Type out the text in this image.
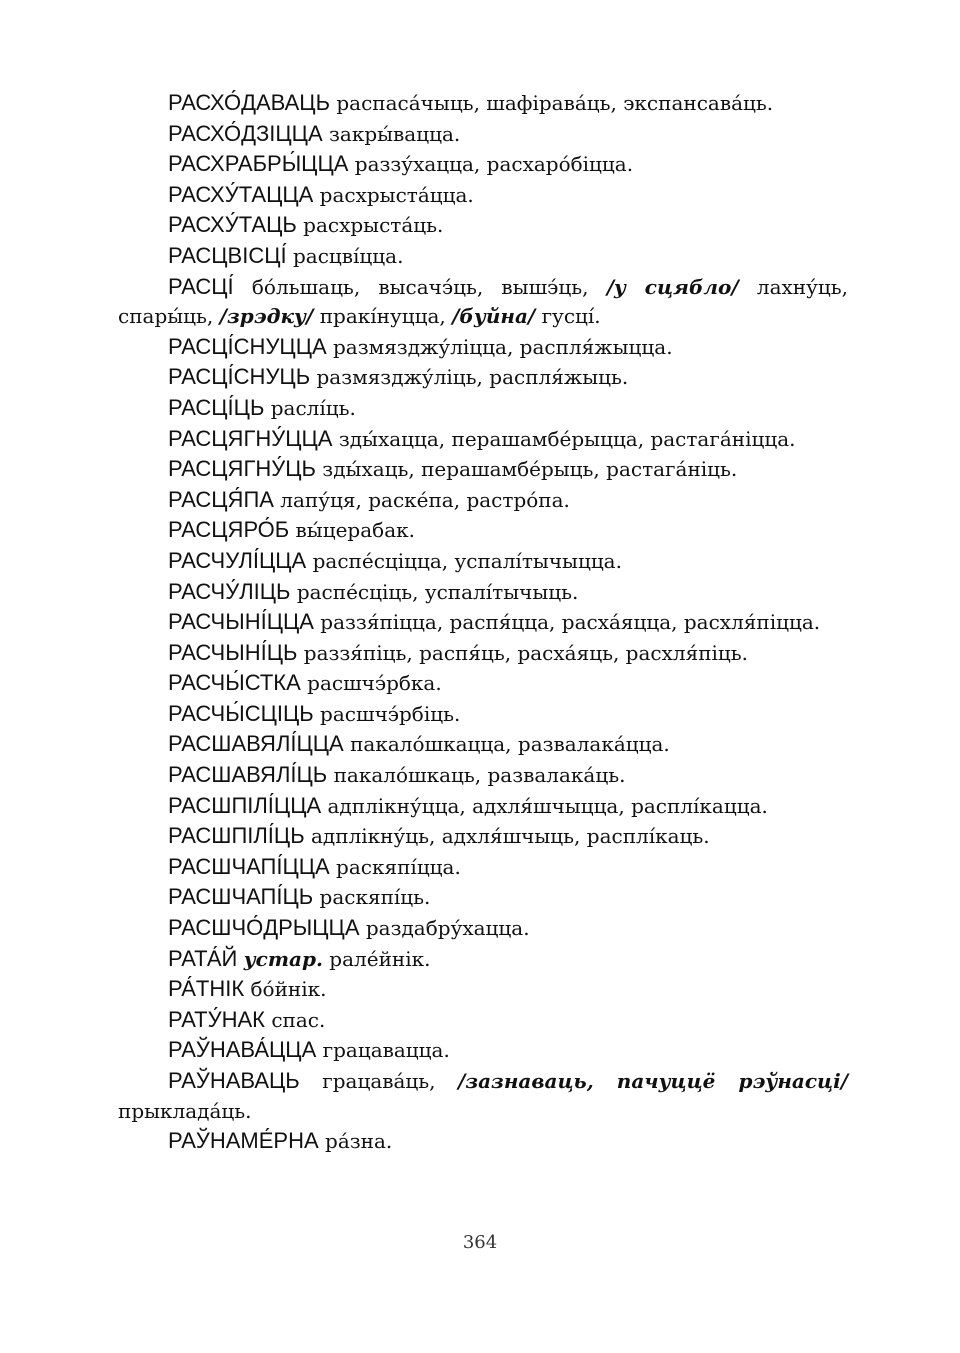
РАСХО́ДАВАЦЬ распаса́чыць, шафірава́ць, экспансава́ць.

РАСХО́ДЗІЦЦА закры́вацца.

РАСХРАБРЫ́ЦЦА раззу́хацца, расхаро́біцца.

РАСХУ́ТАЦЦА расхрыста́цца.

РАСХУ́ТАЦЬ расхрыста́ць.

РАСЦВІСЦІ́ расцві́цца.

РАСЦІ́ бо́льшаць, высачэ́ць, вышэ́ць, /у сцябло/ лахну́ць, спары́ць, /зрэдку/ пракі́нуцца, /буйна/ гусці́.

РАСЦІ́СНУЦЦА размязджу́ліцца, распля́жыцца.

РАСЦІ́СНУЦЬ размязджу́ліць, распля́жыць.

РАСЦІ́ЦЬ раслі́ць.

РАСЦЯГНУ́ЦЦА зды́хацца, перашамбе́рыцца, растага́ніцца.

РАСЦЯГНУ́ЦЬ зды́хаць, перашамбе́рыць, растага́ніць.

РАСЦЯ́ПА лапу́ця, раске́па, растро́па.

РАСЦЯРО́Б вы́церабак.

РАСЧУЛІ́ЦЦА распе́сціцца, успалі́тычыцца.

РАСЧУ́ЛІЦЬ распе́сціць, успалі́тычыць.

РАСЧЫНІ́ЦЦА раззя́піцца, распя́цца, расха́яцца, расхля́піцца.

РАСЧЫНІ́ЦЬ раззя́піць, распя́ць, расха́яць, расхля́піць.

РАСЧЫ́СТКА расшчэ́рбка.

РАСЧЫ́СЦІЦЬ расшчэ́рбіць.

РАСШАВЯЛІ́ЦЦА пакало́шкацца, развалака́цца.

РАСШАВЯЛІ́ЦЬ пакало́шкаць, развалака́ць.

РАСШПІЛІ́ЦЦА адплікну́цца, адхля́шчыцца, расплі́кацца.

РАСШПІЛІ́ЦЬ адплікну́ць, адхля́шчыць, расплі́каць.

РАСШЧАПІ́ЦЦА раскяпі́цца.

РАСШЧАПІ́ЦЬ раскяпі́ць.

РАСШЧО́ДРЫЦЦА раздабру́хацца.

РАТА́Й устар. рале́йнік.

РА́ТНІК бо́йнік.

РАТУ́НАК спас.

РАЎНАВА́ЦЦА грацавацца.

РАЎНАВАЦЬ грацава́ць, /зазнаваць, пачуццё рэўнасці/ прыклада́ць.

РАЎНАМЕ́РНА ра́зна.

364
